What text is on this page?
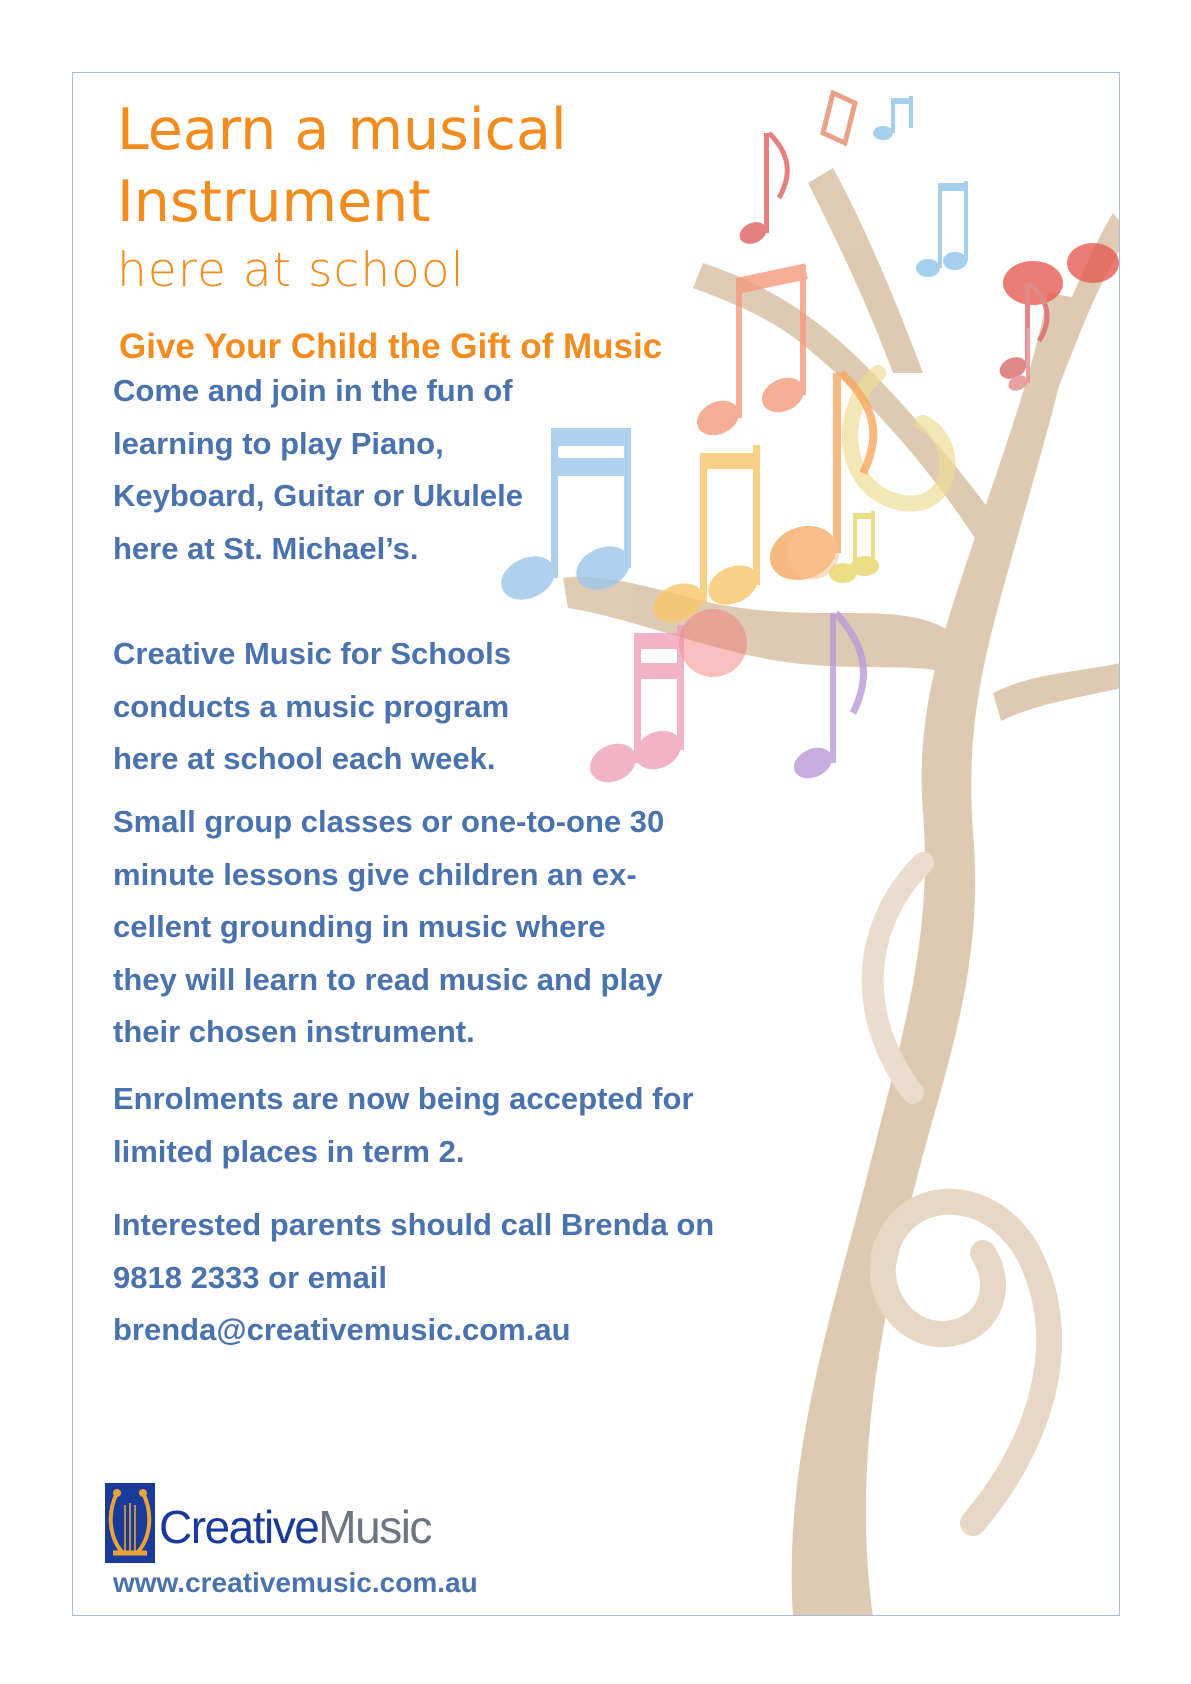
Learn a musical

Instrument

here at school

Give Your Child the Gift of Music

Come and join in the fun of
learning to play Piano,
Keyboard, Guitar or Ukulele
here at St. Michael’s.

Creative Music for Schools
conducts a music program
here at school each week.

Small group classes or one-to-one 30
minute lessons give children an ex-
cellent grounding in music where
they will learn to read music and play
their chosen instrument.

Enrolments are now being accepted for
limited places in term 2.

Interested parents should call Brenda on
9818 2333 or email
brenda@creativemusic.com.au

CreativeMusic

www.creativemusic.com.au
